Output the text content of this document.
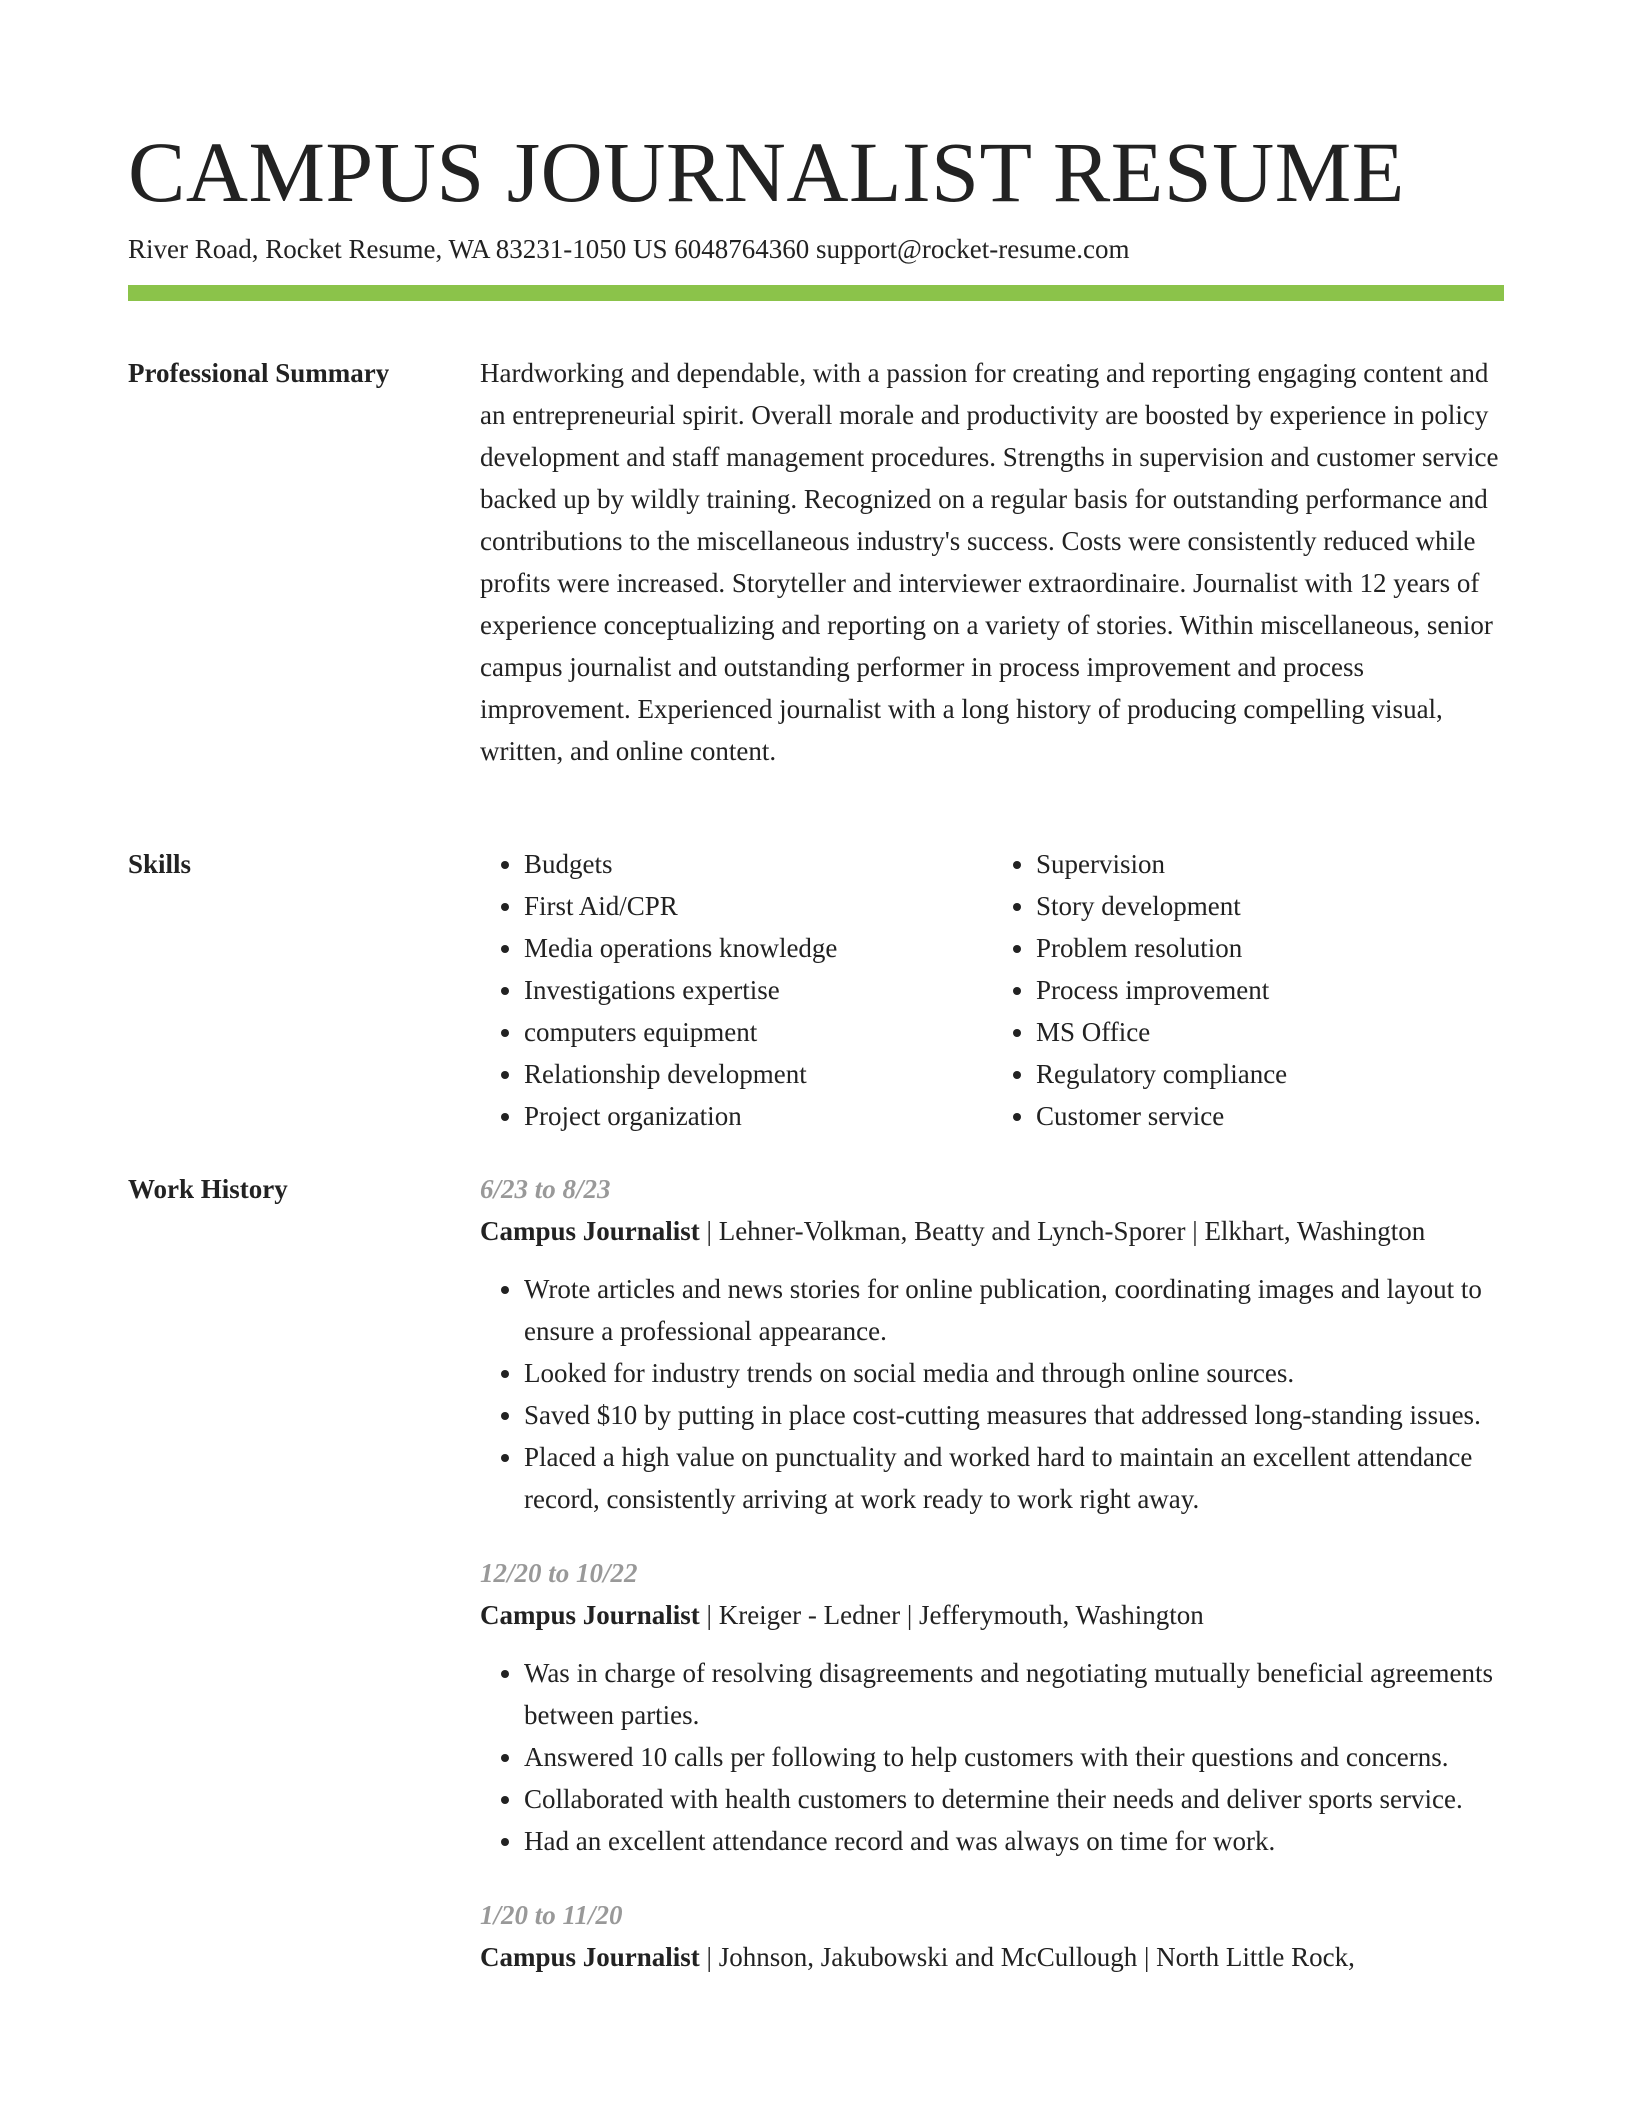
CAMPUS JOURNALIST RESUME
River Road, Rocket Resume, WA 83231-1050 US 6048764360 support@rocket-resume.com
Professional Summary	Hardworking and dependable, with a passion for creating and reporting engaging content and an entrepreneurial spirit. Overall morale and productivity are boosted by experience in policy development and staff management procedures. Strengths in supervision and customer service backed up by wildly training. Recognized on a regular basis for outstanding performance and contributions to the miscellaneous industry's success. Costs were consistently reduced while profits were increased. Storyteller and interviewer extraordinaire. Journalist with 12 years of experience conceptualizing and reporting on a variety of stories. Within miscellaneous, senior campus journalist and outstanding performer in process improvement and process improvement. Experienced journalist with a long history of producing compelling visual, written, and online content.

Skills
•	Budgets
• First Aid/CPR
• Media operations knowledge
• Investigations expertise
• computers equipment
• Relationship development
• Project organization
• Supervision
• Story development
• Problem resolution
• Process improvement
• MS Office
• Regulatory compliance
• Customer service
Work History	6/23 to 8/23
Campus Journalist | Lehner-Volkman, Beatty and Lynch-Sporer | Elkhart, Washington
• Wrote articles and news stories for online publication, coordinating images and layout to ensure a professional appearance.
• Looked for industry trends on social media and through online sources.
• Saved $10 by putting in place cost-cutting measures that addressed long-standing issues.
• Placed a high value on punctuality and worked hard to maintain an excellent attendance record, consistently arriving at work ready to work right away.
12/20 to 10/22
Campus Journalist | Kreiger - Ledner | Jefferymouth, Washington
• Was in charge of resolving disagreements and negotiating mutually beneficial agreements between parties.
• Answered 10 calls per following to help customers with their questions and concerns.
• Collaborated with health customers to determine their needs and deliver sports service.
• Had an excellent attendance record and was always on time for work.
1/20 to 11/20
Campus Journalist | Johnson, Jakubowski and McCullough | North Little Rock,
